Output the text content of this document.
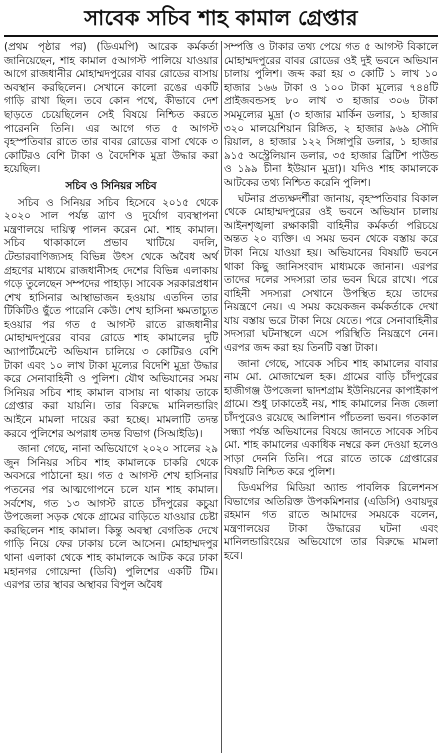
সাবেক সচিব শাহ কামাল গ্রেপ্তার

(প্রথম পৃষ্ঠার পর) (ডিএমপি) আরেক কর্মকর্তা জানিয়েছেন, শাহ কামাল ৫আগস্ট পালিয়ে যাওয়ার আগে রাজধানীর মোহাম্মদপুরের বাবর রোডের বাসায় অবস্থান করছিলেন। সেখানে কালো রঙের একটি গাড়ি রাখা ছিল। তবে কোন পথে, কীভাবে দেশ ছাড়তে চেয়েছিলেন সেই বিষয়ে নিশ্চিত করতে পারেননি তিনি। এর আগে গত ৫ আগস্ট বৃহস্পতিবার রাতে তার বাবর রোডের বাসা থেকে ৩ কোটিরও বেশি টাকা ও বৈদেশিক মুদ্রা উদ্ধার করা হয়েছিল।

সচিব ও সিনিয়র সচিব

সচিব ও সিনিয়র সচিব হিসেবে ২০১৫ থেকে ২০২০ সাল পর্যন্ত ত্রাণ ও দুর্যোগ ব্যবস্থাপনা মন্ত্রণালয়ে দায়িত্ব পালন করেন মো. শাহ কামাল। সচিব থাকাকালে প্রভাব খাটিয়ে বদলি, টেন্ডারবাণিজ্যসহ বিভিন্ন উৎস থেকে অবৈধ অর্থ গ্রহণের মাধ্যমে রাজধানীসহ দেশের বিভিন্ন এলাকায় গড়ে তুলেছেন সম্পদের পাহাড়। সাবেক সরকারপ্রধান শেখ হাসিনার আস্থাভাজন হওয়ায় এতদিন তার টিকিটিও ছুঁতে পারেনি কেউ। শেখ হাসিনা ক্ষমতাচ্যুত হওয়ার পর গত ৫ আগস্ট রাতে রাজধানীর মোহাম্মদপুরের বাবর রোডে শাহ কামালের দুটি অ্যাপার্টমেন্টে অভিযান চালিয়ে ৩ কোটিরও বেশি টাকা এবং ১০ লাখ টাকা মূল্যের বিদেশি মুদ্রা উদ্ধার করে সেনাবাহিনী ও পুলিশ। যৌথ অভিযানের সময় সিনিয়র সচিব শাহ কামাল বাসায় না থাকায় তাকে গ্রেপ্তার করা যায়নি। তার বিরুদ্ধে মানিলন্ডারিং আইনে মামলা দায়ের করা হচ্ছে। মামলাটি তদন্ত করবে পুলিশের অপরাধ তদন্ত বিভাগ (সিআইডি)।

জানা গেছে, নানা অভিযোগে ২০২০ সালের ২৯ জুন সিনিয়র সচিব শাহ কামালকে চাকরি থেকে অবসরে পাঠানো হয়। গত ৫ আগস্ট শেখ হাসিনার পতনের পর আত্মগোপনে চলে যান শাহ কামাল। সর্বশেষ, গত ১৩ আগস্ট রাতে চাঁদপুরের কচুয়া উপজেলা সড়ক থেকে গ্রামের বাড়িতে যাওয়ার চেষ্টা করছিলেন শাহ কামাল। কিন্তু অবস্থা বেগতিক দেখে গাড়ি নিয়ে ফের ঢাকায় চলে আসেন। মোহাম্মদপুর থানা এলাকা থেকে শাহ কামালকে আটক করে ঢাকা মহানগর গোয়েন্দা (ডিবি) পুলিশের একটি টিম। এরপর তার স্থাবর অস্থাবর বিপুল অবৈধ

সম্পত্তি ও টাকার তথ্য পেয়ে গত ৫ আগস্ট বিকালে মোহাম্মদপুরের বাবর রোডের ওই দুই ভবনে অভিযান চালায় পুলিশ। জব্দ করা হয় ৩ কোটি ১ লাখ ১০ হাজার ১৬৬ টাকা ও ১০০ টাকা মূল্যের ৭৪৪টি প্রাইজবন্ডসহ ৮০ লাখ ৩ হাজার ৩০৬ টাকা সমমূল্যের মুদ্রা (৩ হাজার মার্কিন ডলার, ১ হাজার ৩২০ মালয়েশিয়ান রিঙ্গিত, ২ হাজার ৯৬৯ সৌদি রিয়াল, ৪ হাজার ১২২ সিঙ্গাপুরি ডলার, ১ হাজার ৯১৫ অস্ট্রেলিয়ান ডলার, ৩৫ হাজার ব্রিটিশ পাউন্ড ও ১৯৯ চীনা ইউয়ান মুদ্রা)। যদিও শাহ কামালকে আটকের তথ্য নিশ্চিত করেনি পুলিশ।

ঘটনার প্রত্যক্ষদর্শীরা জানায়, বৃহস্পতিবার বিকাল থেকে মোহাম্মদপুরের ওই ভবনে অভিযান চালায় আইনশৃঙ্খলা রক্ষাকারী বাহিনীর কর্মকর্তা পরিচয়ে অন্তত ২০ ব্যক্তি। এ সময় ভবন থেকে বস্তায় করে টাকা নিয়ে যাওয়া হয়। অভিযানের বিষয়টি ভবনে থাকা কিছু জানিসংবাদ মাধ্যমকে জানান। এরপর তাদের দলের সদস্যরা তার ভবন ঘিরে রাখে। পরে বাহিনী সদস্যরা সেখানে উপস্থিত হয়ে তাদের নিয়ন্ত্রণে নেয়। এ সময় কয়েকজন কর্মকর্তাকে দেখা যায় বস্তায় ভরে টাকা নিয়ে যেতে। পরে সেনাবাহিনীর সদস্যরা ঘটনাস্থলে এসে পরিস্থিতি নিয়ন্ত্রণে নেন। এরপর জব্দ করা হয় তিনটি বস্তা টাকা।

জানা গেছে, সাবেক সচিব শাহ কামালের বাবার নাম মো. মোজাম্মেল হক। গ্রামের বাড়ি চাঁদপুরের হাজীগঞ্জ উপজেলা দ্বাদশগ্রাম ইউনিয়নের কাপাইকাপ গ্রামে। শুধু ঢাকাতেই নয়, শাহ কামালের নিজ জেলা চাঁদপুরেও রয়েছে আলিশান পাঁচতলা ভবন। গতকাল সন্ধ্যা পর্যন্ত অভিযানের বিষয়ে জানতে সাবেক সচিব মো. শাহ কামালের একাধিক নম্বরে কল দেওয়া হলেও সাড়া দেননি তিনি। পরে রাতে তাকে গ্রেপ্তারের বিষয়টি নিশ্চিত করে পুলিশ।

ডিএমপির মিডিয়া অ্যান্ড পাবলিক রিলেশনস বিভাগের অতিরিক্ত উপকমিশনার (এডিসি) ওবায়দুর রহমান গত রাতে আমাদের সময়কে বলেন, মন্ত্রণালয়ের টাকা উদ্ধারের ঘটনা এবং মানিলন্ডারিংয়ের অভিযোগে তার বিরুদ্ধে মামলা হবে।
